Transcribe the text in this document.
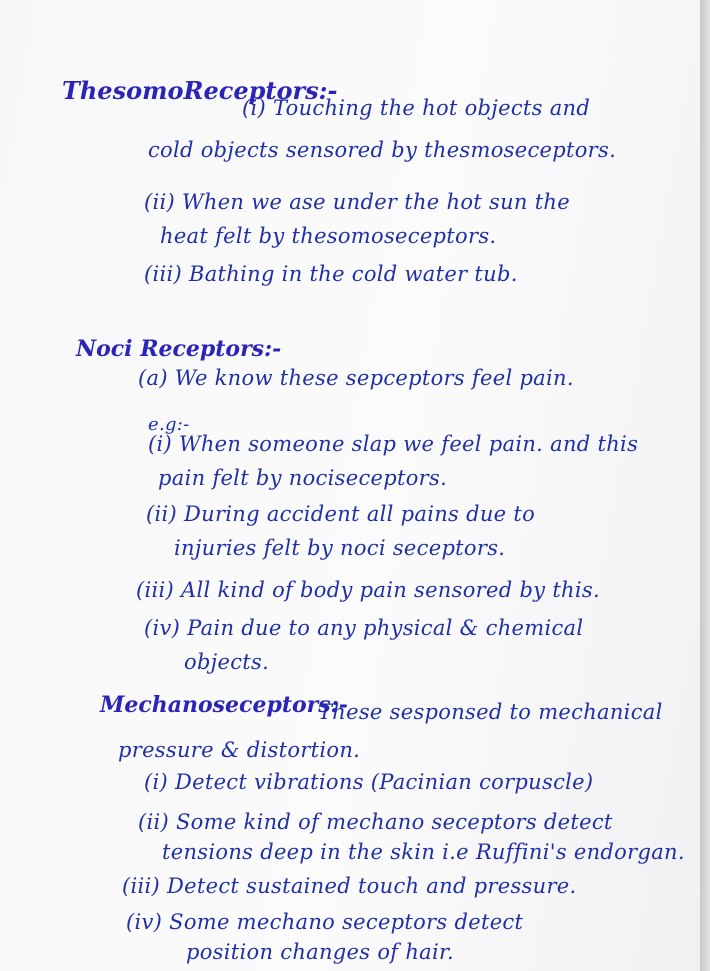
ThesomoReceptors:-
(i) Touching the hot objects and
cold objects sensored by thesmoseceptors.
(ii) When we ase under the hot sun the
heat felt by thesomoseceptors.
(iii) Bathing in the cold water tub.
Noci Receptors:-
(a) We know these sepceptors feel pain.
e.g:-
(i) When someone slap we feel pain. and this
pain felt by nociseceptors.
(ii) During accident all pains due to
injuries felt by noci seceptors.
(iii) All kind of body pain sensored by this.
(iv) Pain due to any physical & chemical
objects.
Mechanoseceptors:-
These sesponsed to mechanical
pressure & distortion.
(i) Detect vibrations (Pacinian corpuscle)
(ii) Some kind of mechano seceptors detect
tensions deep in the skin i.e Ruffini's endorgan.
(iii) Detect sustained touch and pressure.
(iv) Some mechano seceptors detect
position changes of hair.
